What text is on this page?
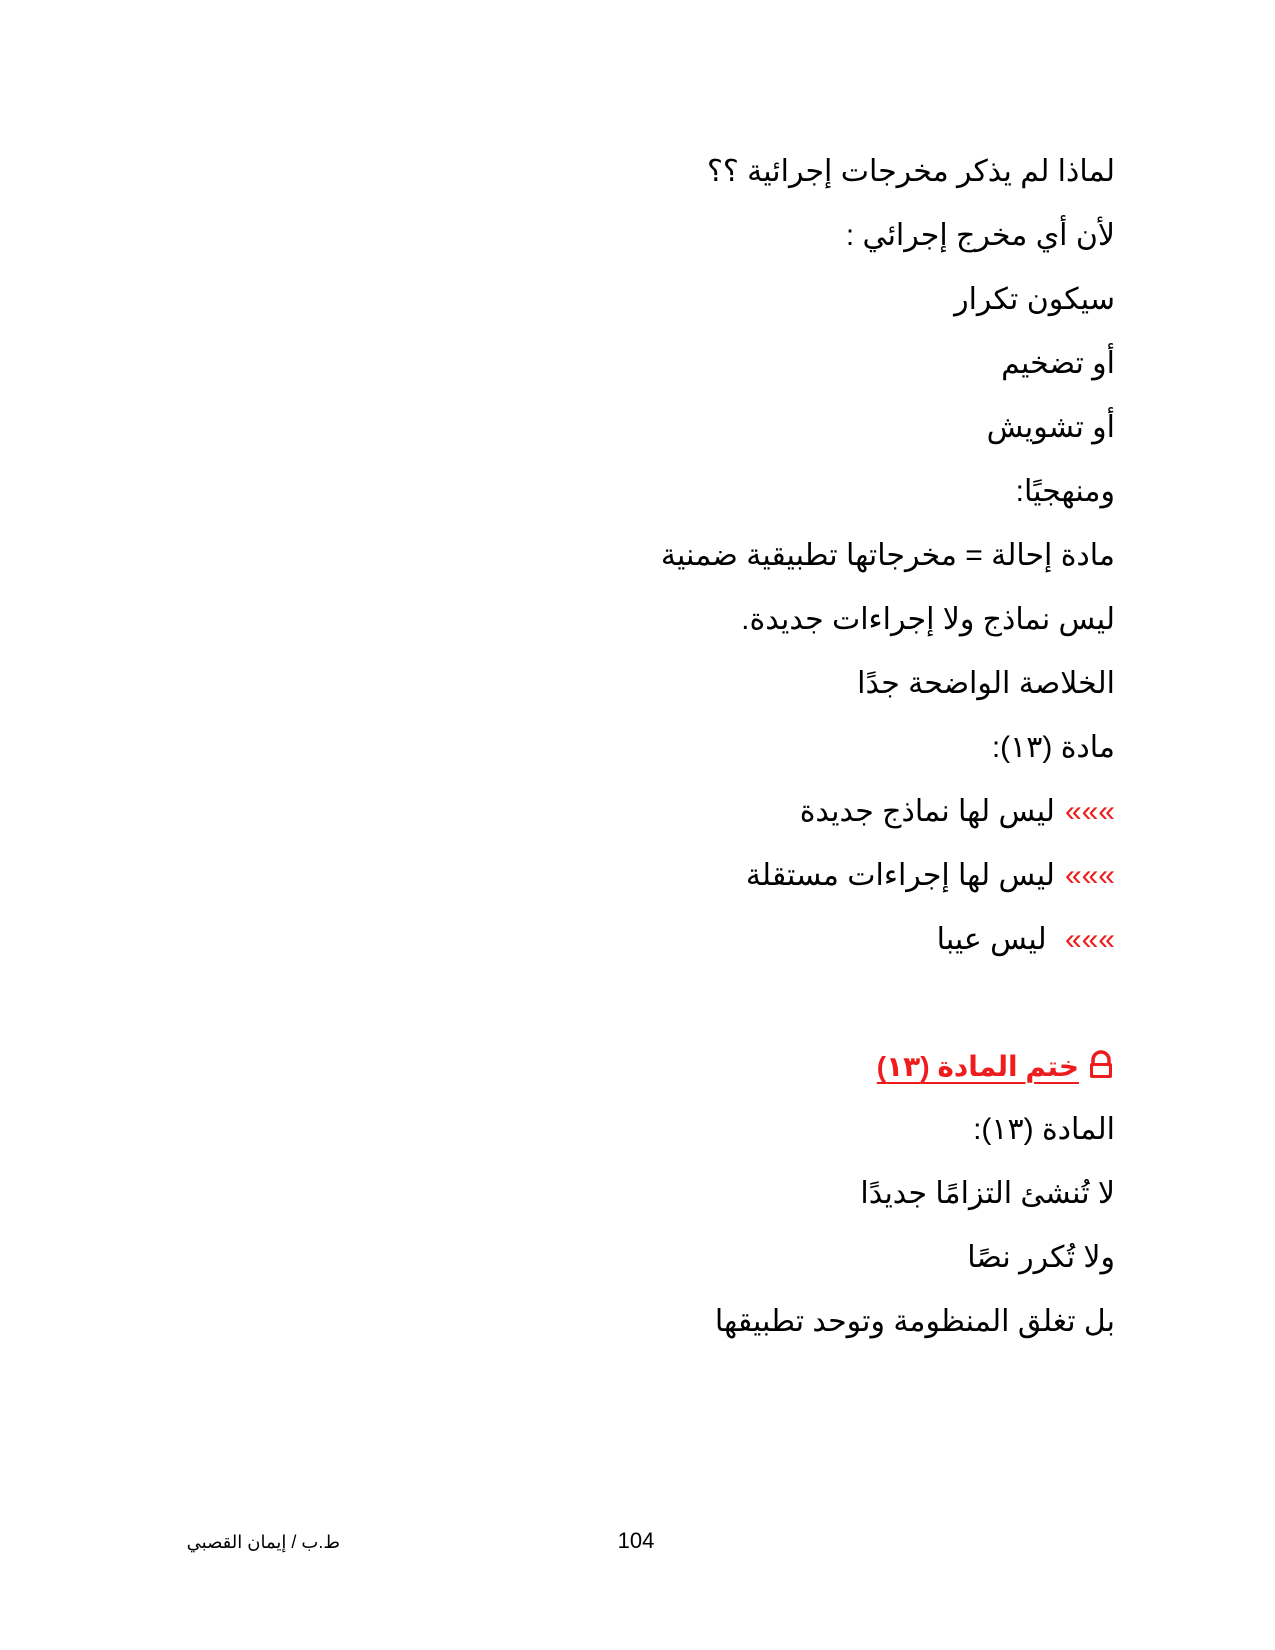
لماذا لم يذكر مخرجات إجرائية ؟؟
لأن أي مخرج إجرائي :
سيكون تكرار
أو تضخيم
أو تشويش
ومنهجيًا:
مادة إحالة = مخرجاتها تطبيقية ضمنية
ليس نماذج ولا إجراءات جديدة.
الخلاصة الواضحة جدًا
مادة (١٣):
»»»ليس لها نماذج جديدة
»»»ليس لها إجراءات مستقلة
»»» ليس عيبا
ختم المادة (١٣)
المادة (١٣):
لا تُنشئ التزامًا جديدًا
ولا تُكرر نصًا
بل تغلق المنظومة وتوحد تطبيقها
ط.ب / إيمان القصبي	104
